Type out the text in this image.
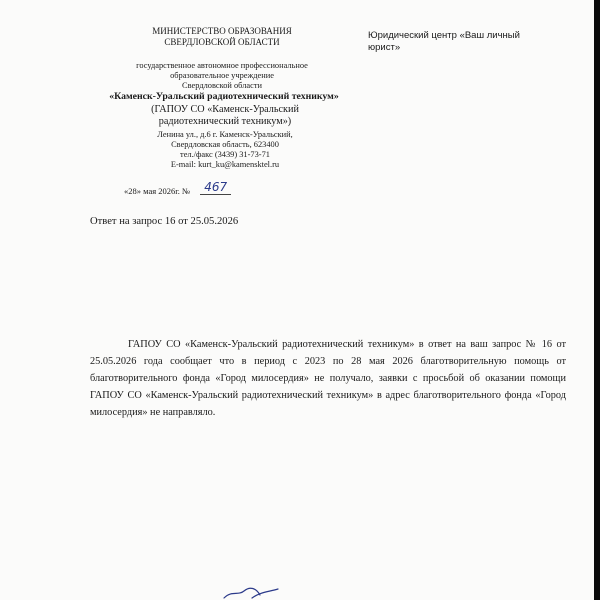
МИНИСТЕРСТВО ОБРАЗОВАНИЯ
СВЕРДЛОВСКОЙ ОБЛАСТИ
государственное автономное профессиональное
образовательное учреждение
Свердловской области
«Каменск-Уральский радиотехнический техникум»
(ГАПОУ СО «Каменск-Уральский
радиотехнический техникум»)
Ленина ул., д.6 г. Каменск-Уральский,
Свердловская область, 623400
тел./факс (3439) 31-73-71
E-mail: kurt_ku@kamensktel.ru
Юридический центр «Ваш личный
юрист»
«28» мая 2026г. № 467
Ответ на запрос 16 от 25.05.2026
ГАПОУ СО «Каменск-Уральский радиотехнический техникум» в ответ на ваш запрос № 16 от 25.05.2026 года сообщает что в период с 2023 по 28 мая 2026 благотворительную помощь от благотворительного фонда «Город милосердия» не получало, заявки с просьбой об оказании помощи ГАПОУ СО «Каменск-Уральский радиотехнический техникум» в адрес благотворительного фонда «Город милосердия» не направляло.
